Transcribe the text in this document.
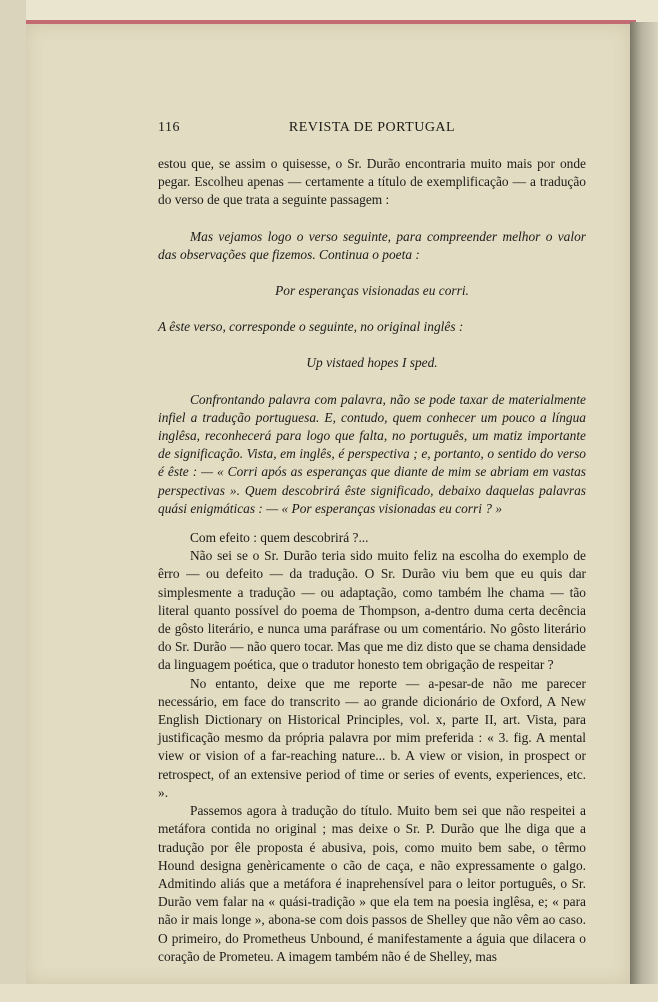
116	REVISTA DE PORTUGAL

estou que, se assim o quisesse, o Sr. Durão encontraria muito mais por onde pegar. Escolheu apenas — certamente a título de exemplificação — a tradução do verso de que trata a seguinte passagem :

Mas vejamos logo o verso seguinte, para compreender melhor o valor das observações que fizemos. Continua o poeta :

Por esperanças visionadas eu corri.

A êste verso, corresponde o seguinte, no original inglês :

Up vistaed hopes I sped.

Confrontando palavra com palavra, não se pode taxar de materialmente infiel a tradução portuguesa. E, contudo, quem conhecer um pouco a língua inglêsa, reconhecerá para logo que falta, no português, um matiz importante de significação. Vista, em inglês, é perspectiva ; e, portanto, o sentido do verso é êste : — « Corri após as esperanças que diante de mim se abriam em vastas perspectivas ». Quem descobrirá êste significado, debaixo daquelas palavras quási enigmáticas : — « Por esperanças visionadas eu corri ? »

Com efeito : quem descobrirá ?...

Não sei se o Sr. Durão teria sido muito feliz na escolha do exemplo de êrro — ou defeito — da tradução. O Sr. Durão viu bem que eu quis dar simplesmente a tradução — ou adaptação, como também lhe chama — tão literal quanto possível do poema de Thompson, a-dentro duma certa decência de gôsto literário, e nunca uma paráfrase ou um comentário. No gôsto literário do Sr. Durão — não quero tocar. Mas que me diz disto que se chama densidade da linguagem poética, que o tradutor honesto tem obrigação de respeitar ?

No entanto, deixe que me reporte — a-pesar-de não me parecer necessário, em face do transcrito — ao grande dicionário de Oxford, A New English Dictionary on Historical Principles, vol. x, parte II, art. Vista, para justificação mesmo da própria palavra por mim preferida : « 3. fig. A mental view or vision of a far-reaching nature... b. A view or vision, in prospect or retrospect, of an extensive period of time or series of events, experiences, etc. ».

Passemos agora à tradução do título. Muito bem sei que não respeitei a metáfora contida no original ; mas deixe o Sr. P. Durão que lhe diga que a tradução por êle proposta é abusiva, pois, como muito bem sabe, o têrmo Hound designa genèricamente o cão de caça, e não expressamente o galgo. Admitindo aliás que a metáfora é inaprehensível para o leitor português, o Sr. Durão vem falar na « quási-tradição » que ela tem na poesia inglêsa, e; « para não ir mais longe », abona-se com dois passos de Shelley que não vêm ao caso. O primeiro, do Prometheus Unbound, é manifestamente a águia que dilacera o coração de Prometeu. A imagem também não é de Shelley, mas
